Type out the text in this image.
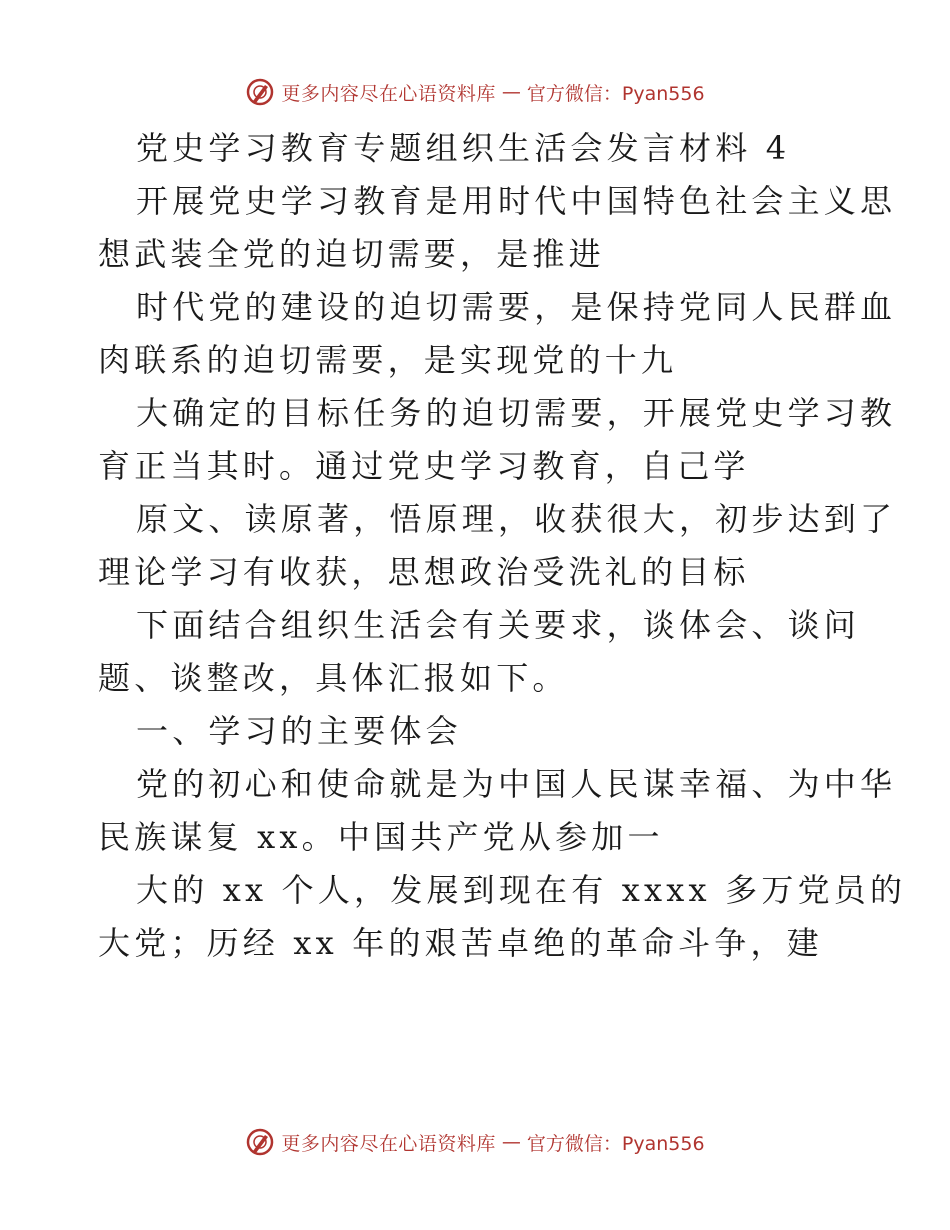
更多内容尽在心语资料库 — 官方微信：Pyan556
党史学习教育专题组织生活会发言材料 4
开展党史学习教育是用时代中国特色社会主义思
想武装全党的迫切需要，是推进
时代党的建设的迫切需要，是保持党同人民群血
肉联系的迫切需要，是实现党的十九
大确定的目标任务的迫切需要，开展党史学习教
育正当其时。通过党史学习教育，自己学
原文、读原著，悟原理，收获很大，初步达到了
理论学习有收获，思想政治受洗礼的目标
下面结合组织生活会有关要求，谈体会、谈问
题、谈整改，具体汇报如下。
一、学习的主要体会
党的初心和使命就是为中国人民谋幸福、为中华
民族谋复 xx。中国共产党从参加一
大的 xx 个人，发展到现在有 xxxx 多万党员的
大党；历经 xx 年的艰苦卓绝的革命斗争，建
更多内容尽在心语资料库 — 官方微信：Pyan556
